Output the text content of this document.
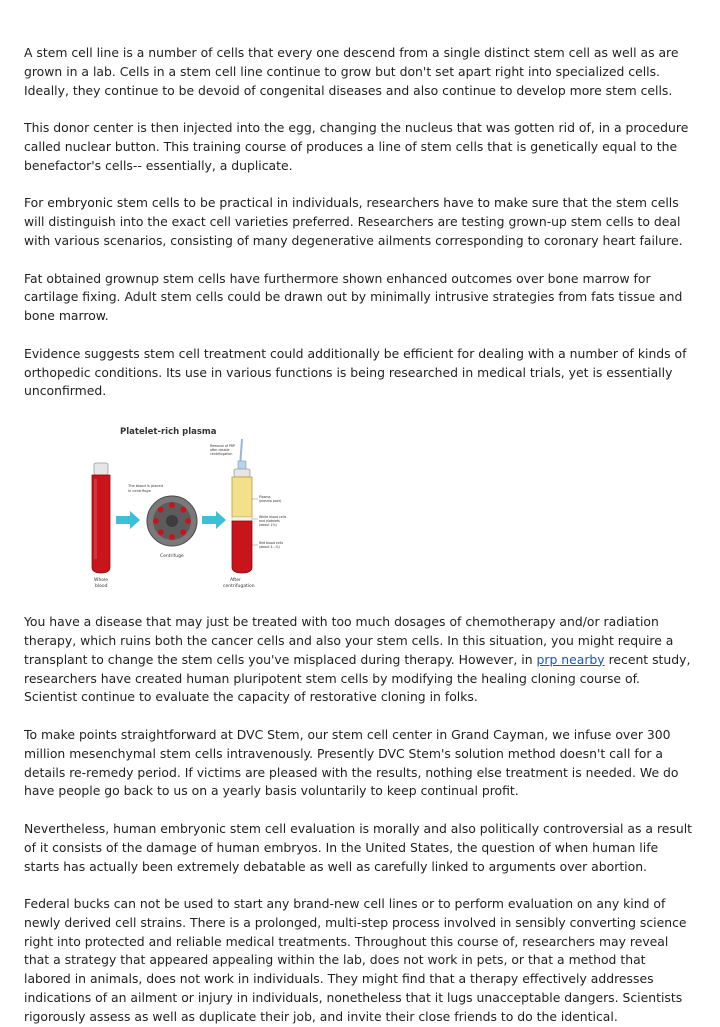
A stem cell line is a number of cells that every one descend from a single distinct stem cell as well as are grown in a lab. Cells in a stem cell line continue to grow but don't set apart right into specialized cells. Ideally, they continue to be devoid of congenital diseases and also continue to develop more stem cells.

This donor center is then injected into the egg, changing the nucleus that was gotten rid of, in a procedure called nuclear button. This training course of produces a line of stem cells that is genetically equal to the benefactor's cells-- essentially, a duplicate.

For embryonic stem cells to be practical in individuals, researchers have to make sure that the stem cells will distinguish into the exact cell varieties preferred. Researchers are testing grown-up stem cells to deal with various scenarios, consisting of many degenerative ailments corresponding to coronary heart failure.

Fat obtained grownup stem cells have furthermore shown enhanced outcomes over bone marrow for cartilage fixing. Adult stem cells could be drawn out by minimally intrusive strategies from fats tissue and bone marrow.

Evidence suggests stem cell treatment could additionally be efficient for dealing with a number of kinds of orthopedic conditions. Its use in various functions is being researched in medical trials, yet is essentially unconfirmed.

Platelet-rich plasma
Whole
blood
The blood is placed
in centrifuge
Centrifuge
After
centrifugation
Removal of PRP
after double
centrifugation
Plasma
(plasma poor)
White blood cells
and platelets
(about 1%)
Red blood cells
(about 4...%)

You have a disease that may just be treated with too much dosages of chemotherapy and/or radiation therapy, which ruins both the cancer cells and also your stem cells. In this situation, you might require a transplant to change the stem cells you've misplaced during therapy. However, in prp nearby recent study, researchers have created human pluripotent stem cells by modifying the healing cloning course of. Scientist continue to evaluate the capacity of restorative cloning in folks.

To make points straightforward at DVC Stem, our stem cell center in Grand Cayman, we infuse over 300 million mesenchymal stem cells intravenously. Presently DVC Stem's solution method doesn't call for a details re-remedy period. If victims are pleased with the results, nothing else treatment is needed. We do have people go back to us on a yearly basis voluntarily to keep continual profit.

Nevertheless, human embryonic stem cell evaluation is morally and also politically controversial as a result of it consists of the damage of human embryos. In the United States, the question of when human life starts has actually been extremely debatable as well as carefully linked to arguments over abortion.

Federal bucks can not be used to start any brand-new cell lines or to perform evaluation on any kind of newly derived cell strains. There is a prolonged, multi-step process involved in sensibly converting science right into protected and reliable medical treatments. Throughout this course of, researchers may reveal that a strategy that appeared appealing within the lab, does not work in pets, or that a method that labored in animals, does not work in individuals. They might find that a therapy effectively addresses indications of an ailment or injury in individuals, nonetheless that it lugs unacceptable dangers. Scientists rigorously assess as well as duplicate their job, and invite their close friends to do the identical.
